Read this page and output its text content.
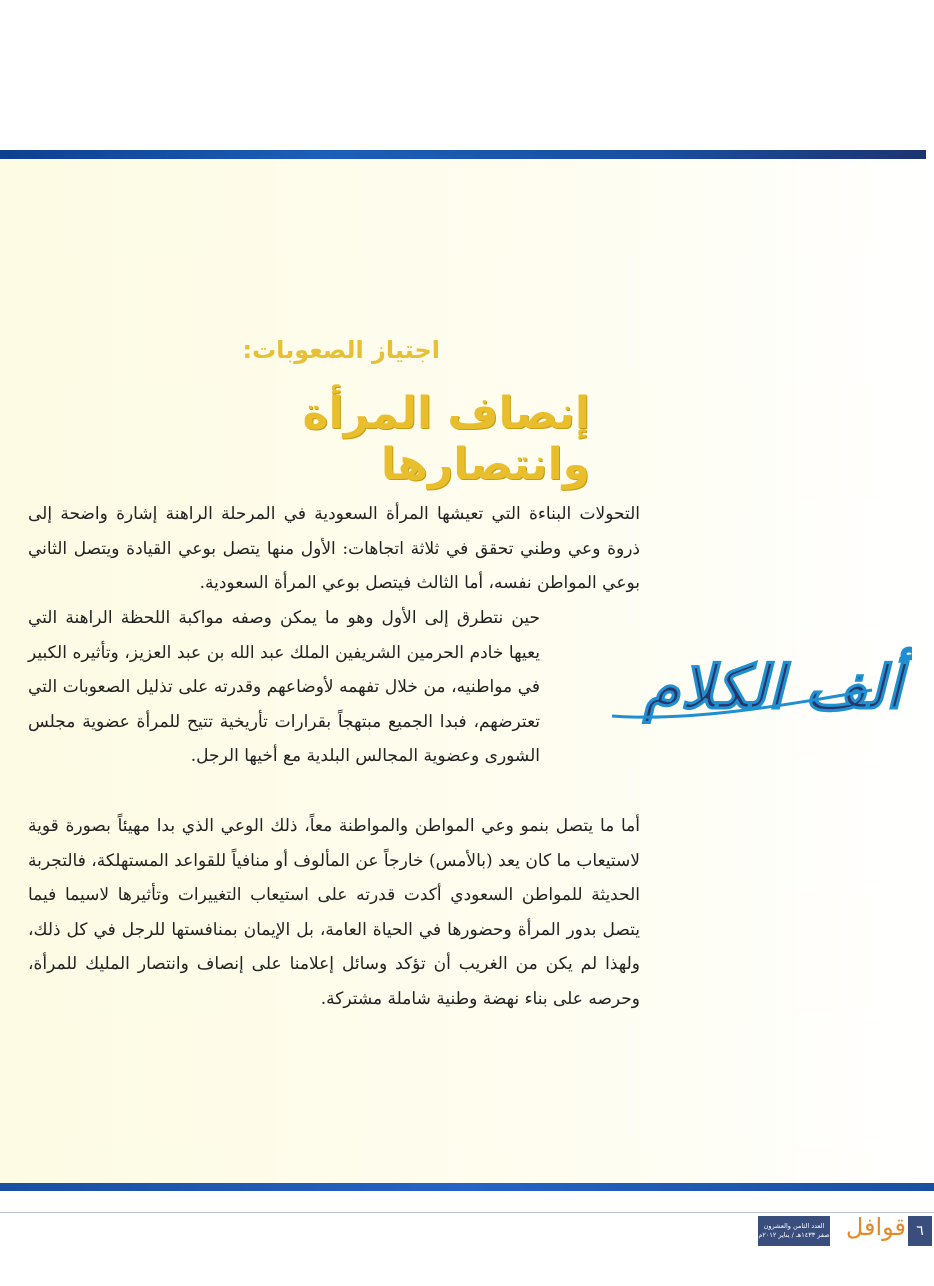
اجتياز الصعوبات:
إنصاف المرأة وانتصارها

التحولات البناءة التي تعيشها المرأة السعودية في المرحلة الراهنة إشارة واضحة إلى ذروة وعي وطني تحقق في ثلاثة اتجاهات: الأول منها يتصل بوعي القيادة ويتصل الثاني بوعي المواطن نفسه، أما الثالث فيتصل بوعي المرأة السعودية.

حين نتطرق إلى الأول وهو ما يمكن وصفه مواكبة اللحظة الراهنة التي يعيها خادم الحرمين الشريفين الملك عبد الله بن عبد العزيز، وتأثيره الكبير في مواطنيه، من خلال تفهمه لأوضاعهم وقدرته على تذليل الصعوبات التي تعترضهم، فبدا الجميع مبتهجاً بقرارات تأريخية تتيح للمرأة عضوية مجلس الشورى وعضوية المجالس البلدية مع أخيها الرجل.

ألف الكلام

أما ما يتصل بنمو وعي المواطن والمواطنة معاً، ذلك الوعي الذي بدا مهيئاً بصورة قوية لاستيعاب ما كان يعد (بالأمس) خارجاً عن المألوف أو منافياً للقواعد المستهلكة، فالتجربة الحديثة للمواطن السعودي أكدت قدرته على استيعاب التغييرات وتأثيرها لاسيما فيما يتصل بدور المرأة وحضورها في الحياة العامة، بل الإيمان بمنافستها للرجل في كل ذلك، ولهذا لم يكن من الغريب أن تؤكد وسائل إعلامنا على إنصاف وانتصار المليك للمرأة، وحرصه على بناء نهضة وطنية شاملة مشتركة.

العدد الثامن والعشرون
صفر ١٤٣٣هـ / يناير ٢٠١٢م قوافل ٦
